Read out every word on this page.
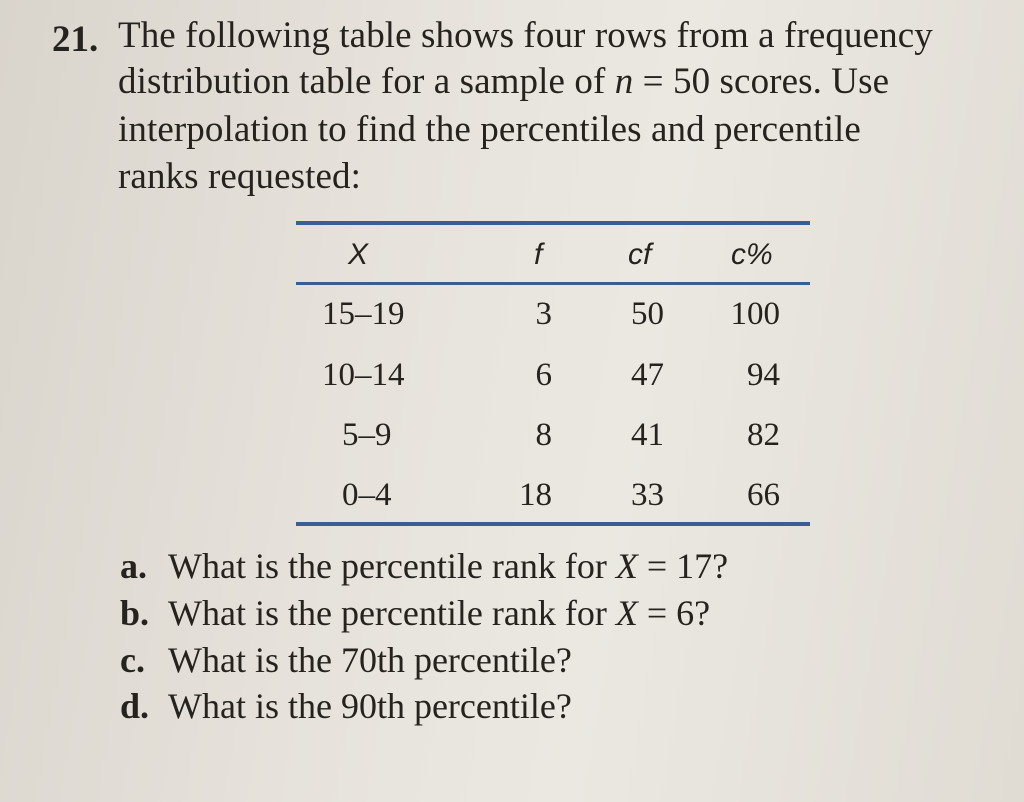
21. The following table shows four rows from a frequency
distribution table for a sample of n = 50 scores. Use
interpolation to find the percentiles and percentile
ranks requested:
X	f	cf	c%
15–19	3	50	100
10–14	6	47	94
5–9	8	41	82
0–4	18	33	66
a. What is the percentile rank for X = 17?
b. What is the percentile rank for X = 6?
c. What is the 70th percentile?
d. What is the 90th percentile?
